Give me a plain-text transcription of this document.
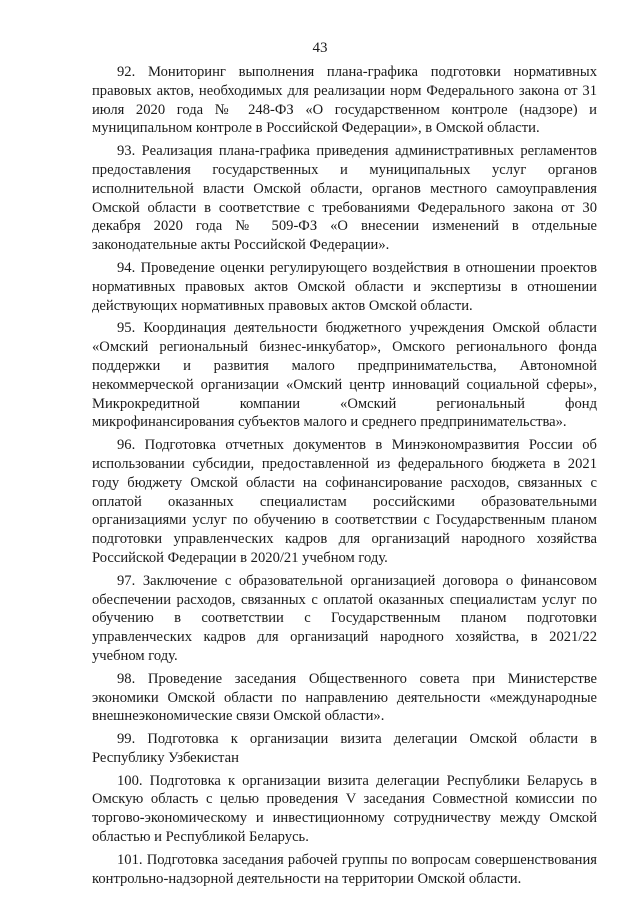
43

92. Мониторинг выполнения плана-графика подготовки нормативных правовых актов, необходимых для реализации норм Федерального закона от 31 июля 2020 года № 248-ФЗ «О государственном контроле (надзоре) и муниципальном контроле в Российской Федерации», в Омской области.

93. Реализация плана-графика приведения административных регламентов предоставления государственных и муниципальных услуг органов исполнительной власти Омской области, органов местного самоуправления Омской области в соответствие с требованиями Федерального закона от 30 декабря 2020 года № 509-ФЗ «О внесении изменений в отдельные законодательные акты Российской Федерации».

94. Проведение оценки регулирующего воздействия в отношении проектов нормативных правовых актов Омской области и экспертизы в отношении действующих нормативных правовых актов Омской области.

95. Координация деятельности бюджетного учреждения Омской области «Омский региональный бизнес-инкубатор», Омского регионального фонда поддержки и развития малого предпринимательства, Автономной некоммерческой организации «Омский центр инноваций социальной сферы», Микрокредитной компании «Омский региональный фонд микрофинансирования субъектов малого и среднего предпринимательства».

96. Подготовка отчетных документов в Минэкономразвития России об использовании субсидии, предоставленной из федерального бюджета в 2021 году бюджету Омской области на софинансирование расходов, связанных с оплатой оказанных специалистам российскими образовательными организациями услуг по обучению в соответствии с Государственным планом подготовки управленческих кадров для организаций народного хозяйства Российской Федерации в 2020/21 учебном году.

97. Заключение с образовательной организацией договора о финансовом обеспечении расходов, связанных с оплатой оказанных специалистам услуг по обучению в соответствии с Государственным планом подготовки управленческих кадров для организаций народного хозяйства, в 2021/22 учебном году.

98. Проведение заседания Общественного совета при Министерстве экономики Омской области по направлению деятельности «международные внешнеэкономические связи Омской области».

99. Подготовка к организации визита делегации Омской области в Республику Узбекистан

100. Подготовка к организации визита делегации Республики Беларусь в Омскую область с целью проведения V заседания Совместной комиссии по торгово-экономическому и инвестиционному сотрудничеству между Омской областью и Республикой Беларусь.

101. Подготовка заседания рабочей группы по вопросам совершенствования контрольно-надзорной деятельности на территории Омской области.
